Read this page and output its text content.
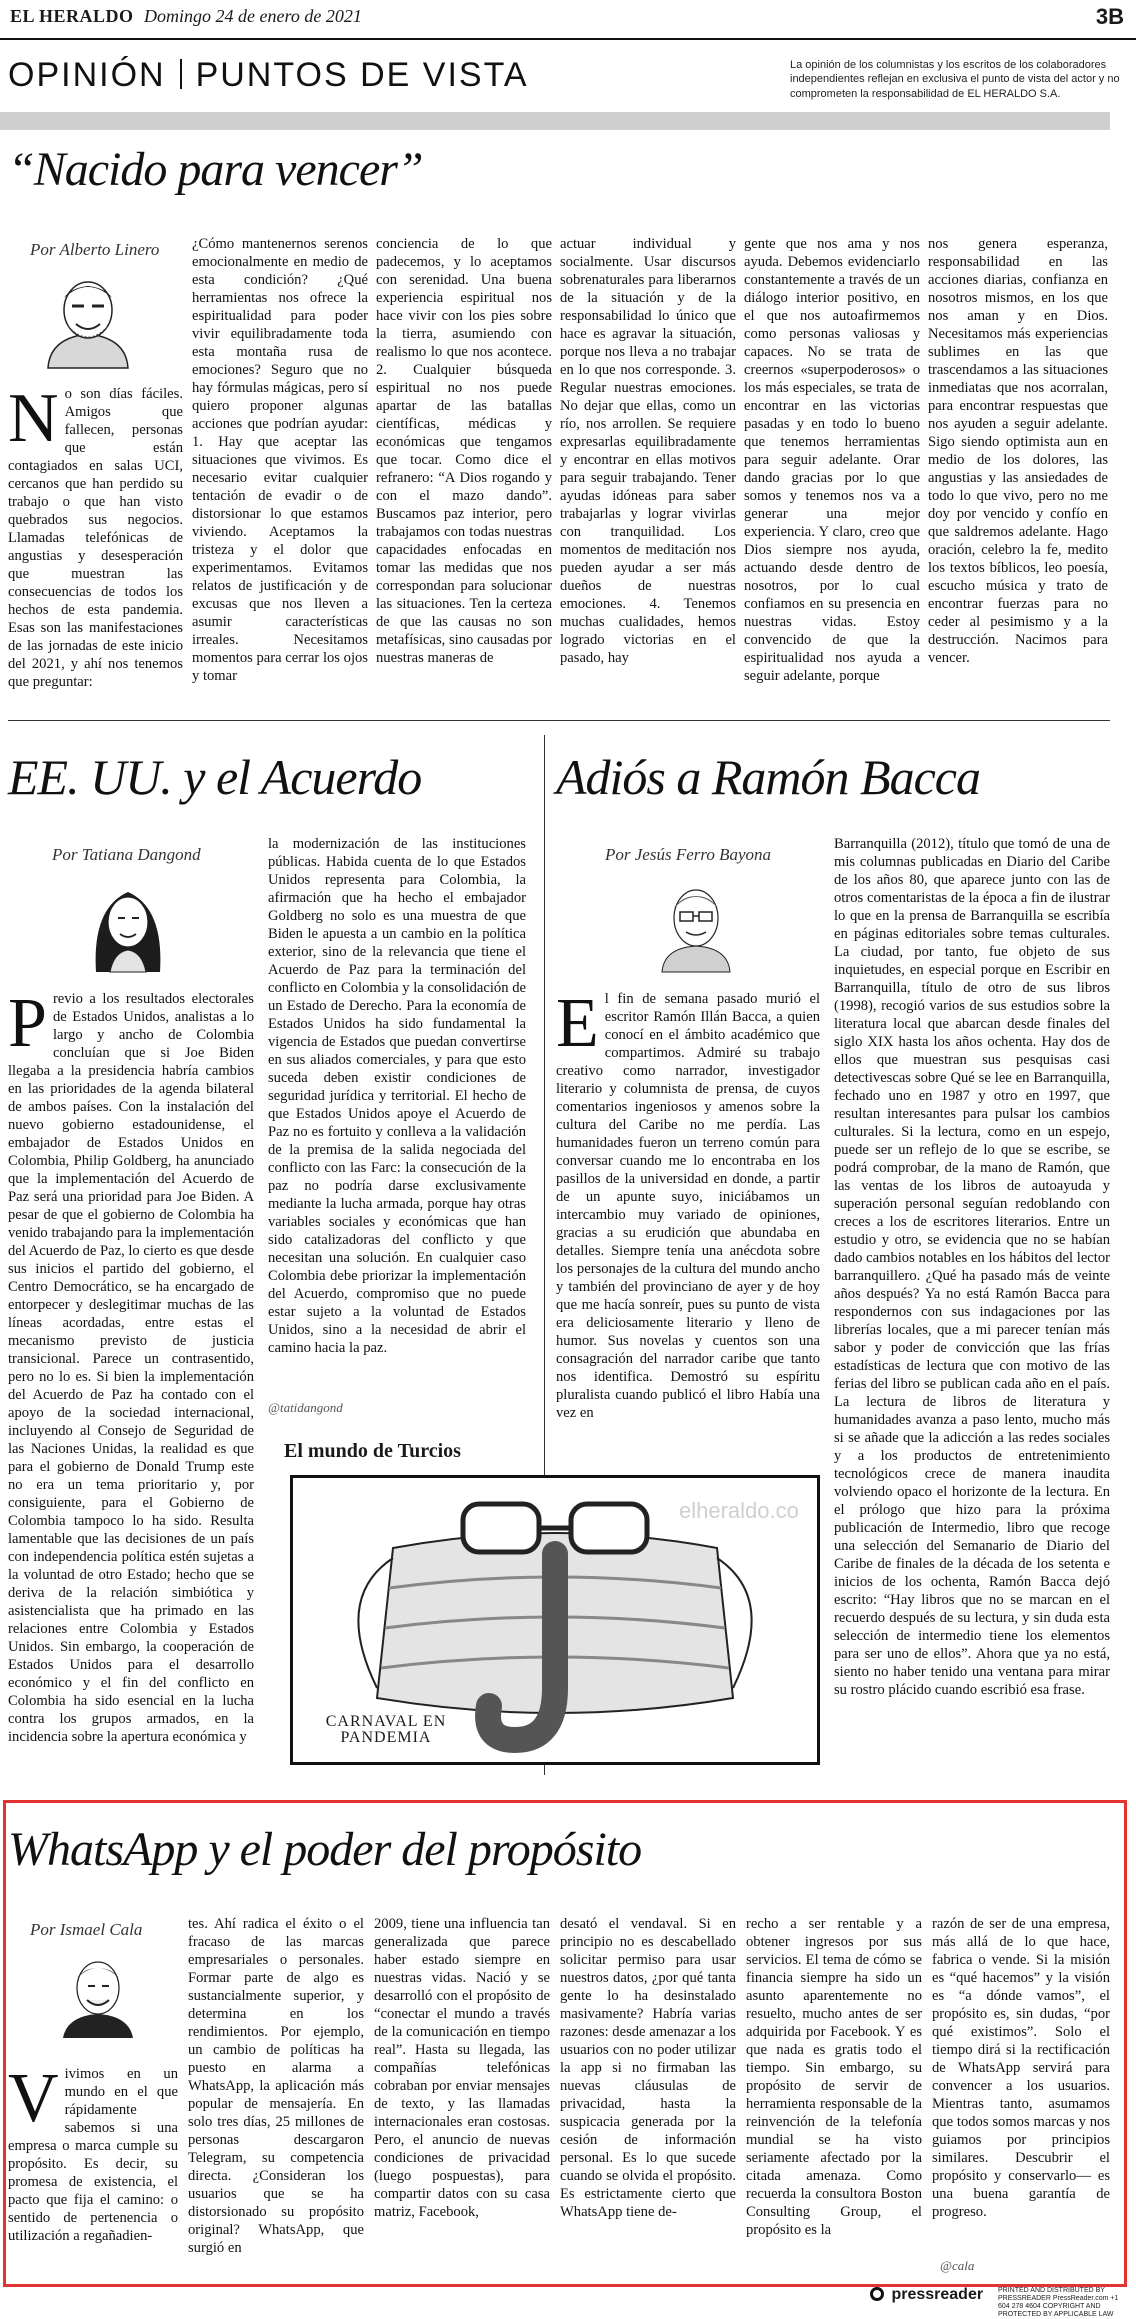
EL HERALDO Domingo 24 de enero de 2021	3B
OPINIÓN PUNTOS DE VISTA	La opinión de los columnistas y los escritos de los colaboradores independientes reflejan en exclusiva el punto de vista del actor y no comprometen la responsabilidad de EL HERALDO S.A.
“Nacido para vencer”
Por Alberto Linero
No son días fáciles. Amigos que fallecen, personas que están contagiados en salas UCI, cercanos que han perdido su trabajo o que han visto quebrados sus negocios. Llamadas telefónicas de angustias y desesperación que muestran las consecuencias de todos los hechos de esta pandemia. Esas son las manifestaciones de las jornadas de este inicio del 2021, y ahí nos tenemos que preguntar:
¿Cómo mantenernos serenos emocionalmente en medio de esta condición? ¿Qué herramientas nos ofrece la espiritualidad para poder vivir equilibradamente toda esta montaña rusa de emociones? Seguro que no hay fórmulas mágicas, pero sí quiero proponer algunas acciones que podrían ayudar: 1. Hay que aceptar las situaciones que vivimos. Es necesario evitar cualquier tentación de evadir o de distorsionar lo que estamos viviendo. Aceptamos la tristeza y el dolor que experimentamos. Evitamos relatos de justificación y de excusas que nos lleven a asumir características irreales. Necesitamos momentos para cerrar los ojos y tomar
conciencia de lo que padecemos, y lo aceptamos con serenidad. Una buena experiencia espiritual nos hace vivir con los pies sobre la tierra, asumiendo con realismo lo que nos acontece. 2. Cualquier búsqueda espiritual no nos puede apartar de las batallas científicas, médicas y económicas que tengamos que tocar. Como dice el refranero: “A Dios rogando y con el mazo dando”. Buscamos paz interior, pero trabajamos con todas nuestras capacidades enfocadas en tomar las medidas que nos correspondan para solucionar las situaciones. Ten la certeza de que las causas no son metafísicas, sino causadas por nuestras maneras de
actuar individual y socialmente. Usar discursos sobrenaturales para liberarnos de la situación y de la responsabilidad lo único que hace es agravar la situación, porque nos lleva a no trabajar en lo que nos corresponde. 3. Regular nuestras emociones. No dejar que ellas, como un río, nos arrollen. Se requiere expresarlas equilibradamente y encontrar en ellas motivos para seguir trabajando. Tener ayudas idóneas para saber trabajarlas y lograr vivirlas con tranquilidad. Los momentos de meditación nos pueden ayudar a ser más dueños de nuestras emociones. 4. Tenemos muchas cualidades, hemos logrado victorias en el pasado, hay
gente que nos ama y nos ayuda. Debemos evidenciarlo constantemente a través de un diálogo interior positivo, en el que nos autoafirmemos como personas valiosas y capaces. No se trata de creernos «superpoderosos» o los más especiales, se trata de encontrar en las victorias pasadas y en todo lo bueno que tenemos herramientas para seguir adelante. Orar dando gracias por lo que somos y tenemos nos va a generar una mejor experiencia. Y claro, creo que Dios siempre nos ayuda, actuando desde dentro de nosotros, por lo cual confiamos en su presencia en nuestras vidas. Estoy convencido de que la espiritualidad nos ayuda a seguir adelante, porque
nos genera esperanza, responsabilidad en las acciones diarias, confianza en nosotros mismos, en los que nos aman y en Dios. Necesitamos más experiencias sublimes en las que trascendamos a las situaciones inmediatas que nos acorralan, para encontrar respuestas que nos ayuden a seguir adelante. Sigo siendo optimista aun en medio de los dolores, las angustias y las ansiedades de todo lo que vivo, pero no me doy por vencido y confío en que saldremos adelante. Hago oración, celebro la fe, medito los textos bíblicos, leo poesía, escucho música y trato de encontrar fuerzas para no ceder al pesimismo y a la destrucción. Nacimos para vencer.
EE. UU. y el Acuerdo
Por Tatiana Dangond
Previo a los resultados electorales de Estados Unidos, analistas a lo largo y ancho de Colombia concluían que si Joe Biden llegaba a la presidencia habría cambios en las prioridades de la agenda bilateral de ambos países. Con la instalación del nuevo gobierno estadounidense, el embajador de Estados Unidos en Colombia, Philip Goldberg, ha anunciado que la implementación del Acuerdo de Paz será una prioridad para Joe Biden. A pesar de que el gobierno de Colombia ha venido trabajando para la implementación del Acuerdo de Paz, lo cierto es que desde sus inicios el partido del gobierno, el Centro Democrático, se ha encargado de entorpecer y deslegitimar muchas de las líneas acordadas, entre estas el mecanismo previsto de justicia transicional. Parece un contrasentido, pero no lo es. Si bien la implementación del Acuerdo de Paz ha contado con el apoyo de la sociedad internacional, incluyendo al Consejo de Seguridad de las Naciones Unidas, la realidad es que para el gobierno de Donald Trump este no era un tema prioritario y, por consiguiente, para el Gobierno de Colombia tampoco lo ha sido. Resulta lamentable que las decisiones de un país con independencia política estén sujetas a la voluntad de otro Estado; hecho que se deriva de la relación simbiótica y asistencialista que ha primado en las relaciones entre Colombia y Estados Unidos. Sin embargo, la cooperación de Estados Unidos para el desarrollo económico y el fin del conflicto en Colombia ha sido esencial en la lucha contra los grupos armados, en la incidencia sobre la apertura económica y
la modernización de las instituciones públicas. Habida cuenta de lo que Estados Unidos representa para Colombia, la afirmación que ha hecho el embajador Goldberg no solo es una muestra de que Biden le apuesta a un cambio en la política exterior, sino de la relevancia que tiene el Acuerdo de Paz para la terminación del conflicto en Colombia y la consolidación de un Estado de Derecho. Para la economía de Estados Unidos ha sido fundamental la vigencia de Estados que puedan convertirse en sus aliados comerciales, y para que esto suceda deben existir condiciones de seguridad jurídica y territorial. El hecho de que Estados Unidos apoye el Acuerdo de Paz no es fortuito y conlleva a la validación de la premisa de la salida negociada del conflicto con las Farc: la consecución de la paz no podría darse exclusivamente mediante la lucha armada, porque hay otras variables sociales y económicas que han sido catalizadoras del conflicto y que necesitan una solución. En cualquier caso Colombia debe priorizar la implementación del Acuerdo, compromiso que no puede estar sujeto a la voluntad de Estados Unidos, sino a la necesidad de abrir el camino hacia la paz.
@tatidangond
Adiós a Ramón Bacca
Por Jesús Ferro Bayona
El fin de semana pasado murió el escritor Ramón Illán Bacca, a quien conocí en el ámbito académico que compartimos. Admiré su trabajo creativo como narrador, investigador literario y columnista de prensa, de cuyos comentarios ingeniosos y amenos sobre la cultura del Caribe no me perdía. Las humanidades fueron un terreno común para conversar cuando me lo encontraba en los pasillos de la universidad en donde, a partir de un apunte suyo, iniciábamos un intercambio muy variado de opiniones, gracias a su erudición que abundaba en detalles. Siempre tenía una anécdota sobre los personajes de la cultura del mundo ancho y también del provinciano de ayer y de hoy que me hacía sonreír, pues su punto de vista era deliciosamente literario y lleno de humor. Sus novelas y cuentos son una consagración del narrador caribe que tanto nos identifica. Demostró su espíritu pluralista cuando publicó el libro Había una vez en
Barranquilla (2012), título que tomó de una de mis columnas publicadas en Diario del Caribe de los años 80, que aparece junto con las de otros comentaristas de la época a fin de ilustrar lo que en la prensa de Barranquilla se escribía en páginas editoriales sobre temas culturales. La ciudad, por tanto, fue objeto de sus inquietudes, en especial porque en Escribir en Barranquilla, título de otro de sus libros (1998), recogió varios de sus estudios sobre la literatura local que abarcan desde finales del siglo XIX hasta los años ochenta. Hay dos de ellos que muestran sus pesquisas casi detectivescas sobre Qué se lee en Barranquilla, fechado uno en 1987 y otro en 1997, que resultan interesantes para pulsar los cambios culturales. Si la lectura, como en un espejo, puede ser un reflejo de lo que se escribe, se podrá comprobar, de la mano de Ramón, que las ventas de los libros de autoayuda y superación personal seguían redoblando con creces a los de escritores literarios. Entre un estudio y otro, se evidencia que no se habían dado cambios notables en los hábitos del lector barranquillero. ¿Qué ha pasado más de veinte años después? Ya no está Ramón Bacca para respondernos con sus indagaciones por las librerías locales, que a mi parecer tenían más sabor y poder de convicción que las frías estadísticas de lectura que con motivo de las ferias del libro se publican cada año en el país. La lectura de libros de literatura y humanidades avanza a paso lento, mucho más si se añade que la adicción a las redes sociales y a los productos de entretenimiento tecnológicos crece de manera inaudita volviendo opaco el horizonte de la lectura. En el prólogo que hizo para la próxima publicación de Intermedio, libro que recoge una selección del Semanario de Diario del Caribe de finales de la década de los setenta e inicios de los ochenta, Ramón Bacca dejó escrito: “Hay libros que no se marcan en el recuerdo después de su lectura, y sin duda esta selección de intermedio tiene los elementos para ser uno de ellos”. Ahora que ya no está, siento no haber tenido una ventana para mirar su rostro plácido cuando escribió esa frase.
El mundo de Turcios
elheraldo.co
CARNAVAL EN PANDEMIA
WhatsApp y el poder del propósito
Por Ismael Cala
Vivimos en un mundo en el que rápidamente sabemos si una empresa o marca cumple su propósito. Es decir, su promesa de existencia, el pacto que fija el camino: o sentido de pertenencia o utilización a regañadien-
tes. Ahí radica el éxito o el fracaso de las marcas empresariales o personales. Formar parte de algo es sustancialmente superior, y determina en los rendimientos. Por ejemplo, un cambio de políticas ha puesto en alarma a WhatsApp, la aplicación más popular de mensajería. En solo tres días, 25 millones de personas descargaron Telegram, su competencia directa. ¿Consideran los usuarios que se ha distorsionado su propósito original? WhatsApp, que surgió en
2009, tiene una influencia tan generalizada que parece haber estado siempre en nuestras vidas. Nació y se desarrolló con el propósito de “conectar el mundo a través de la comunicación en tiempo real”. Hasta su llegada, las compañías telefónicas cobraban por enviar mensajes de texto, y las llamadas internacionales eran costosas. Pero, el anuncio de nuevas condiciones de privacidad (luego pospuestas), para compartir datos con su casa matriz, Facebook,
desató el vendaval. Si en principio no es descabellado solicitar permiso para usar nuestros datos, ¿por qué tanta gente lo ha desinstalado masivamente? Habría varias razones: desde amenazar a los usuarios con no poder utilizar la app si no firmaban las nuevas cláusulas de privacidad, hasta la suspicacia generada por la cesión de información personal. Es lo que sucede cuando se olvida el propósito. Es estrictamente cierto que WhatsApp tiene de-
recho a ser rentable y a obtener ingresos por sus servicios. El tema de cómo se financia siempre ha sido un asunto aparentemente no resuelto, mucho antes de ser adquirida por Facebook. Y es que nada es gratis todo el tiempo. Sin embargo, su propósito de servir de herramienta responsable de la reinvención de la telefonía mundial se ha visto seriamente afectado por la citada amenaza. Como recuerda la consultora Boston Consulting Group, el propósito es la
razón de ser de una empresa, más allá de lo que hace, fabrica o vende. Si la misión es “qué hacemos” y la visión es “a dónde vamos”, el propósito es, sin dudas, “por qué existimos”. Solo el tiempo dirá si la rectificación de WhatsApp servirá para convencer a los usuarios. Mientras tanto, asumamos que todos somos marcas y nos guiamos por principios similares. Descubrir el propósito y conservarlo— es una buena garantía de progreso.
@cala
pressreader PRINTED AND DISTRIBUTED BY PRESSREADER PressReader.com +1 604 278 4604 COPYRIGHT AND PROTECTED BY APPLICABLE LAW
